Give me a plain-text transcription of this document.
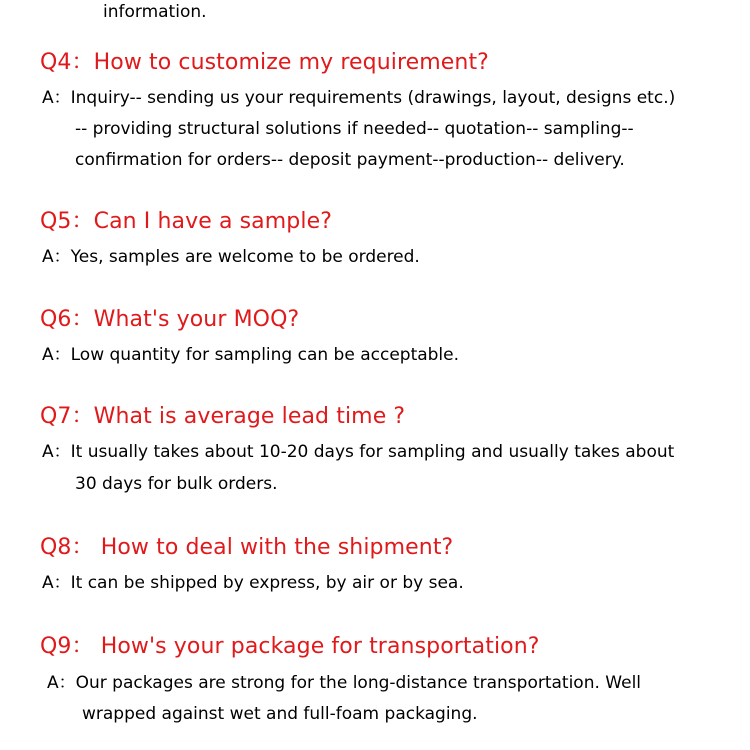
information.
Q4：How to customize my requirement?
A：Inquiry-- sending us your requirements (drawings, layout, designs etc.)
-- providing structural solutions if needed-- quotation-- sampling--
confirmation for orders-- deposit payment--production-- delivery.
Q5：Can I have a sample?
A：Yes, samples are welcome to be ordered.
Q6：What's your MOQ?
A：Low quantity for sampling can be acceptable.
Q7：What is average lead time ?
A：It usually takes about 10-20 days for sampling and usually takes about
30 days for bulk orders.
Q8： How to deal with the shipment?
A：It can be shipped by express, by air or by sea.
Q9： How's your package for transportation?
A：Our packages are strong for the long-distance transportation. Well
wrapped against wet and full-foam packaging.
